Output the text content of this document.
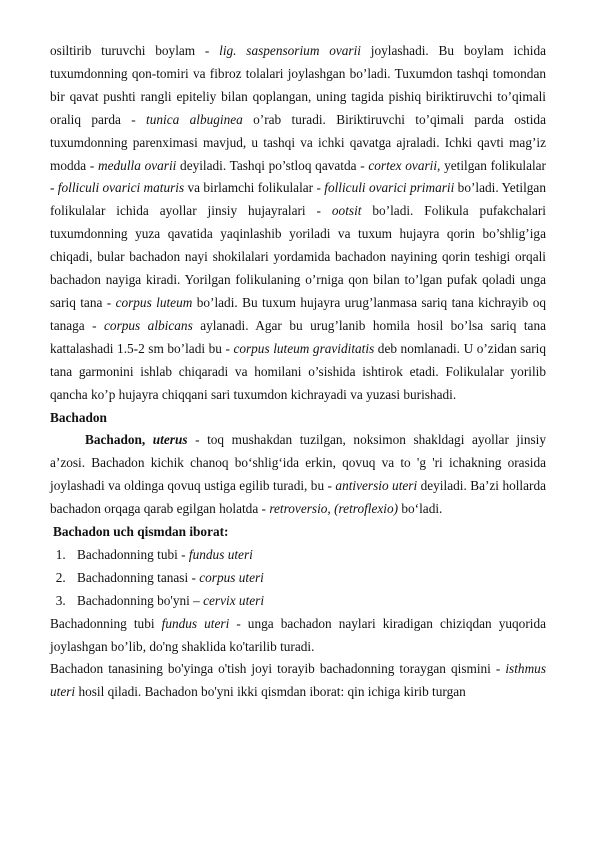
osiltirib turuvchi boylam - lig. saspensorium ovarii joylashadi. Bu boylam ichida tuxumdonning qon-tomiri va fibroz tolalari joylashgan bo’ladi. Tuxumdon tashqi tomondan bir qavat pushti rangli epiteliy bilan qoplangan, uning tagida pishiq biriktiruvchi to’qimali oraliq parda - tunica albuginea o’rab turadi. Biriktiruvchi to’qimali parda ostida tuxumdonning parenximasi mavjud, u tashqi va ichki qavatga ajraladi. Ichki qavti mag’iz modda - medulla ovarii deyiladi. Tashqi po’stloq qavatda - cortex ovarii, yetilgan folikulalar - folliculi ovarici maturis va birlamchi folikulalar - folliculi ovarici primarii bo’ladi. Yetilgan folikulalar ichida ayollar jinsiy hujayralari - ootsit bo’ladi. Folikula pufakchalari tuxumdonning yuza qavatida yaqinlashib yoriladi va tuxum hujayra qorin bo’shlig’iga chiqadi, bular bachadon nayi shokilalari yordamida bachadon nayining qorin teshigi orqali bachadon nayiga kiradi. Yorilgan folikulaning o’rniga qon bilan to’lgan pufak qoladi unga sariq tana - corpus luteum bo’ladi. Bu tuxum hujayra urug’lanmasa sariq tana kichrayib oq tanaga - corpus albicans aylanadi. Agar bu urug’lanib homila hosil bo’lsa sariq tana kattalashadi 1.5-2 sm bo’ladi bu - corpus luteum graviditatis deb nomlanadi. U o’zidan sariq tana garmonini ishlab chiqaradi va homilani o’sishida ishtirok etadi. Folikulalar yorilib qancha ko’p hujayra chiqqani sari tuxumdon kichrayadi va yuzasi burishadi.

Bachadon

Bachadon, uterus - toq mushakdan tuzilgan, noksimon shakldagi ayollar jinsiy a’zosi. Bachadon kichik chanoq bo‘shlig‘ida erkin, qovuq va to 'g 'ri ichakning orasida joylashadi va oldinga qovuq ustiga egilib turadi, bu - antiversio uteri deyiladi. Ba’zi hollarda bachadon orqaga qarab egilgan holatda - retroversio, (retroflexio) bo‘ladi.

Bachadon uch qismdan iborat:

1. Bachadonning tubi - fundus uteri
2. Bachadonning tanasi - corpus uteri
3. Bachadonning bo'yni – cervix uteri

Bachadonning tubi fundus uteri - unga bachadon naylari kiradigan chiziqdan yuqorida joylashgan bo’lib, do'ng shaklida ko'tarilib turadi.

Bachadon tanasining bo'yinga o'tish joyi torayib bachadonning toraygan qismini - isthmus uteri hosil qiladi. Bachadon bo'yni ikki qismdan iborat: qin ichiga kirib turgan
